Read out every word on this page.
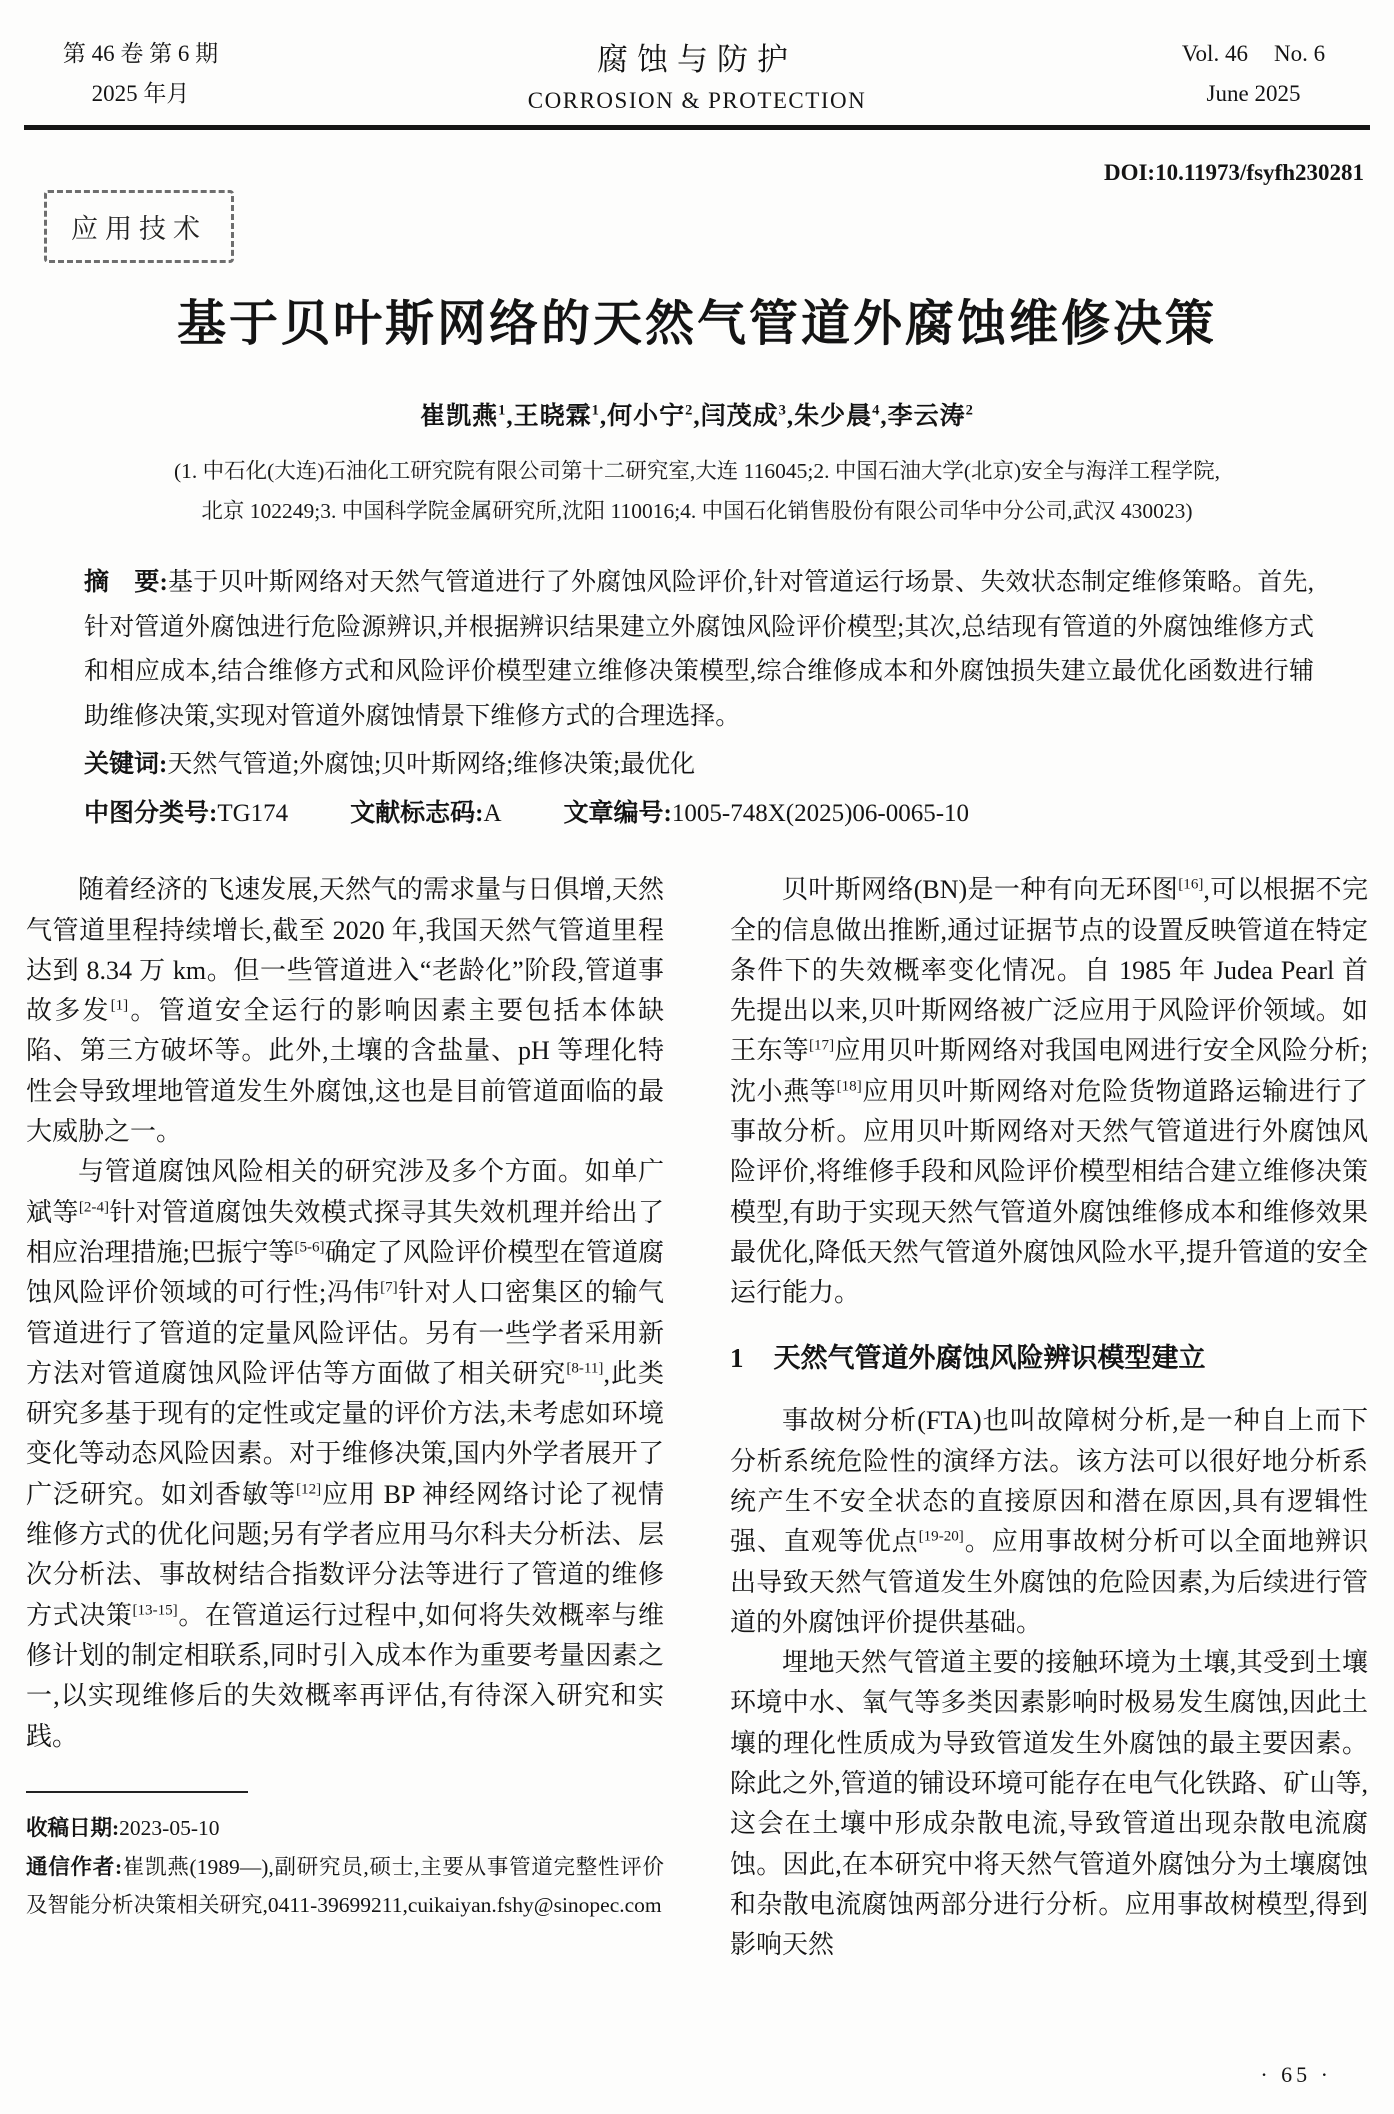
第 46 卷 第 6 期
2025 年月
腐蚀与防护
CORROSION & PROTECTION
Vol. 46 No. 6
June 2025
DOI:10.11973/fsyfh230281
应用技术
基于贝叶斯网络的天然气管道外腐蚀维修决策
崔凯燕$^1$,王晓霖$^1$,何小宁$^2$,闫茂成$^3$,朱少晨$^4$,李云涛$^2$
(1. 中石化(大连)石油化工研究院有限公司第十二研究室,大连 116045;2. 中国石油大学(北京)安全与海洋工程学院,
北京 102249;3. 中国科学院金属研究所,沈阳 110016;4. 中国石化销售股份有限公司华中分公司,武汉 430023)

摘　要:基于贝叶斯网络对天然气管道进行了外腐蚀风险评价,针对管道运行场景、失效状态制定维修策略。首先,针对管道外腐蚀进行危险源辨识,并根据辨识结果建立外腐蚀风险评价模型;其次,总结现有管道的外腐蚀维修方式和相应成本,结合维修方式和风险评价模型建立维修决策模型,综合维修成本和外腐蚀损失建立最优化函数进行辅助维修决策,实现对管道外腐蚀情景下维修方式的合理选择。

关键词:天然气管道;外腐蚀;贝叶斯网络;维修决策;最优化

中图分类号:TG174 文献标志码:A 文章编号:1005-748X(2025)06-0065-10

随着经济的飞速发展,天然气的需求量与日俱增,天然气管道里程持续增长,截至 2020 年,我国天然气管道里程达到 8.34 万 km。但一些管道进入“老龄化”阶段,管道事故多发[1]。管道安全运行的影响因素主要包括本体缺陷、第三方破坏等。此外,土壤的含盐量、pH 等理化特性会导致埋地管道发生外腐蚀,这也是目前管道面临的最大威胁之一。

与管道腐蚀风险相关的研究涉及多个方面。如单广斌等[2-4]针对管道腐蚀失效模式探寻其失效机理并给出了相应治理措施;巴振宁等[5-6]确定了风险评价模型在管道腐蚀风险评价领域的可行性;冯伟[7]针对人口密集区的输气管道进行了管道的定量风险评估。另有一些学者采用新方法对管道腐蚀风险评估等方面做了相关研究[8-11],此类研究多基于现有的定性或定量的评价方法,未考虑如环境变化等动态风险因素。对于维修决策,国内外学者展开了广泛研究。如刘香敏等[12]应用 BP 神经网络讨论了视情维修方式的优化问题;另有学者应用马尔科夫分析法、层次分析法、事故树结合指数评分法等进行了管道的维修方式决策[13-15]。在管道运行过程中,如何将失效概率与维修计划的制定相联系,同时引入成本作为重要考量因素之一,以实现维修后的失效概率再评估,有待深入研究和实践。

收稿日期:2023-05-10

通信作者:崔凯燕(1989—),副研究员,硕士,主要从事管道完整性评价及智能分析决策相关研究,0411-39699211,cuikaiyan.fshy@sinopec.com

贝叶斯网络(BN)是一种有向无环图[16],可以根据不完全的信息做出推断,通过证据节点的设置反映管道在特定条件下的失效概率变化情况。自 1985 年 Judea Pearl 首先提出以来,贝叶斯网络被广泛应用于风险评价领域。如王东等[17]应用贝叶斯网络对我国电网进行安全风险分析;沈小燕等[18]应用贝叶斯网络对危险货物道路运输进行了事故分析。应用贝叶斯网络对天然气管道进行外腐蚀风险评价,将维修手段和风险评价模型相结合建立维修决策模型,有助于实现天然气管道外腐蚀维修成本和维修效果最优化,降低天然气管道外腐蚀风险水平,提升管道的安全运行能力。

1 天然气管道外腐蚀风险辨识模型建立

事故树分析(FTA)也叫故障树分析,是一种自上而下分析系统危险性的演绎方法。该方法可以很好地分析系统产生不安全状态的直接原因和潜在原因,具有逻辑性强、直观等优点[19-20]。应用事故树分析可以全面地辨识出导致天然气管道发生外腐蚀的危险因素,为后续进行管道的外腐蚀评价提供基础。

埋地天然气管道主要的接触环境为土壤,其受到土壤环境中水、氧气等多类因素影响时极易发生腐蚀,因此土壤的理化性质成为导致管道发生外腐蚀的最主要因素。除此之外,管道的铺设环境可能存在电气化铁路、矿山等,这会在土壤中形成杂散电流,导致管道出现杂散电流腐蚀。因此,在本研究中将天然气管道外腐蚀分为土壤腐蚀和杂散电流腐蚀两部分进行分析。应用事故树模型,得到影响天然

· 65 ·
